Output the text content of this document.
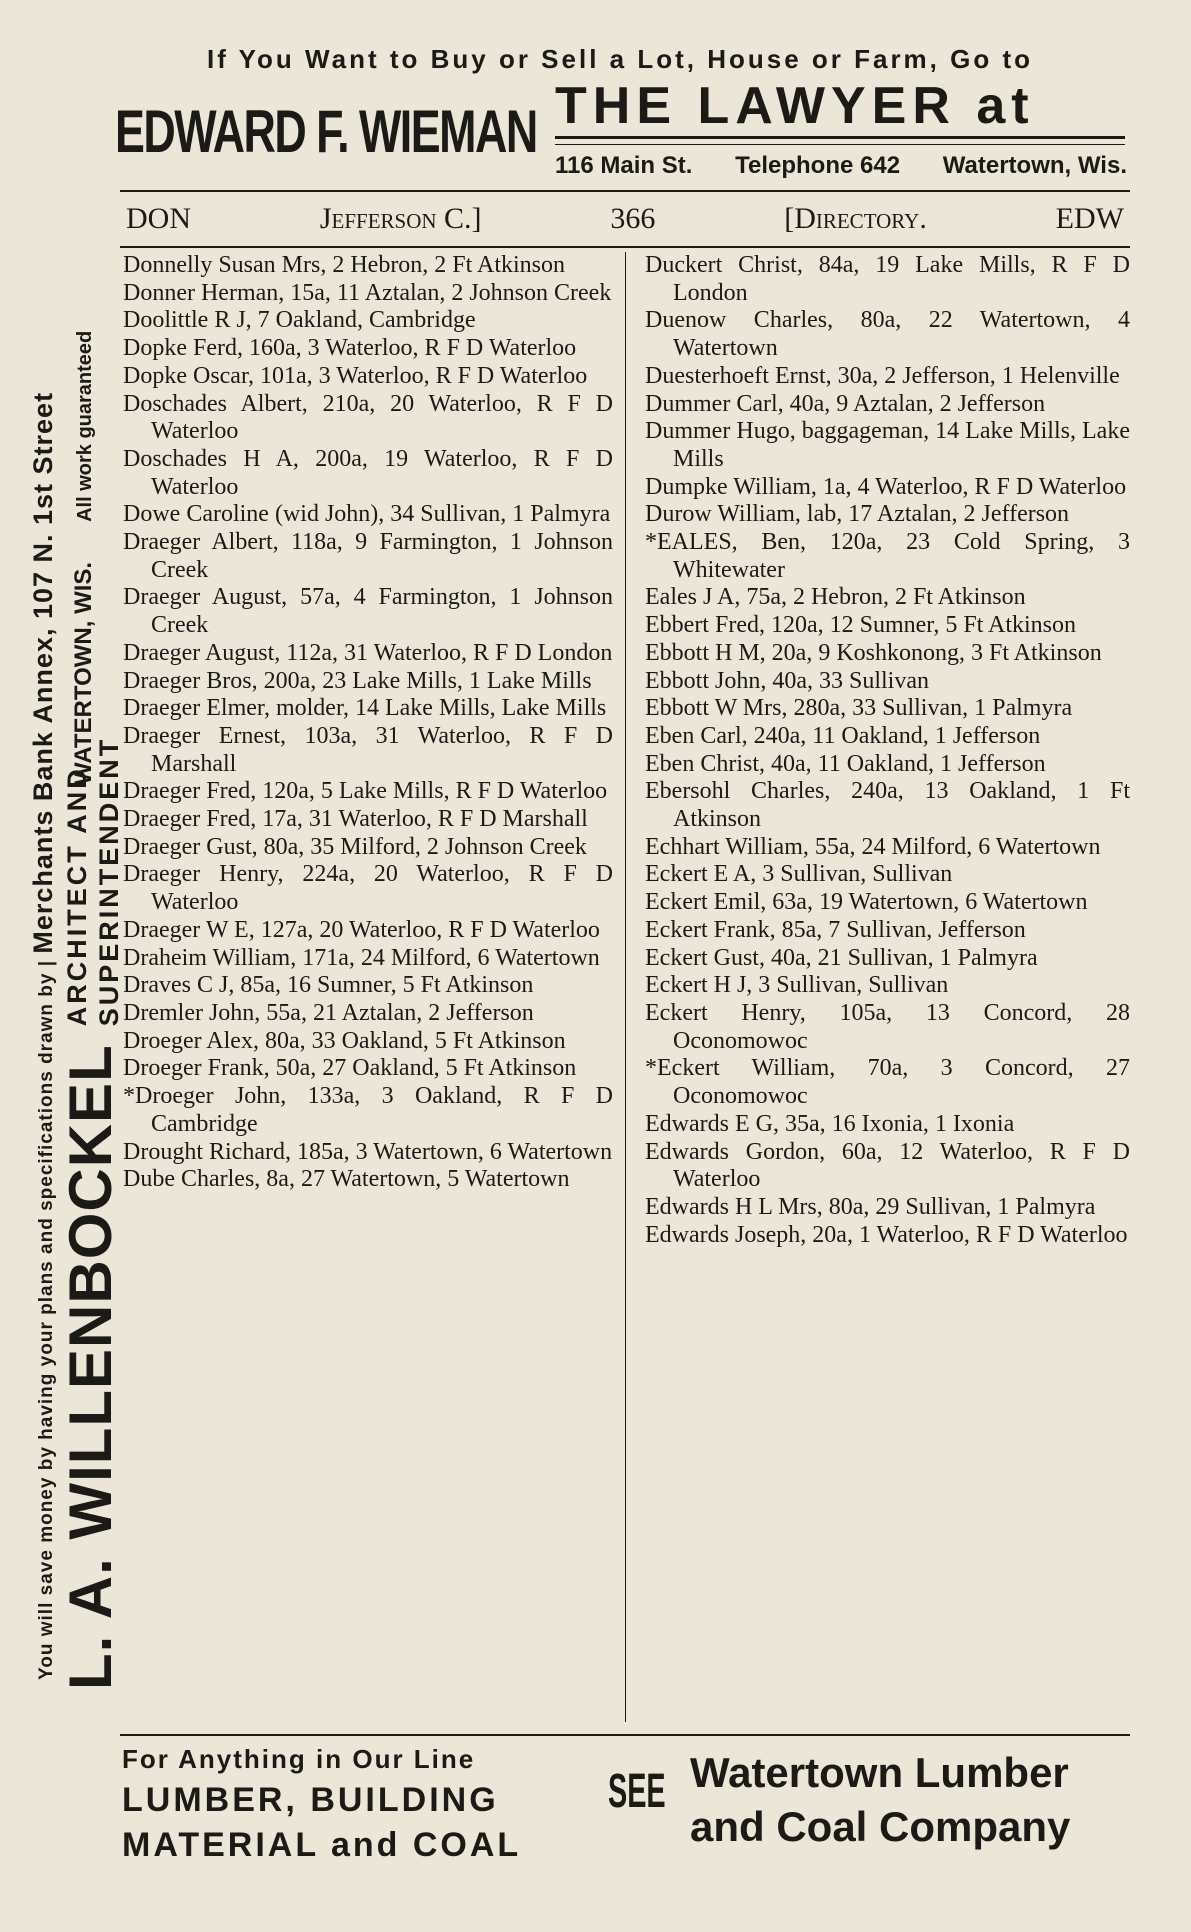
If You Want to Buy or Sell a Lot, House or Farm, Go to
EDWARD F. WIEMAN THE LAWYER at
116 Main St. Telephone 642 Watertown, Wis.
DON	Jefferson C.]	366	[Directory.	EDW
You will save money by having your plans and specifications drawn by | Merchants Bank Annex, 107 N. 1st Street WATERTOWN, WIS.      All work guaranteed
L. A. WILLENBOCKEL
ARCHITECT AND SUPERINTENDENT

Donnelly Susan Mrs, 2 Hebron, 2 Ft Atkinson

Donner Herman, 15a, 11 Aztalan, 2 Johnson Creek

Doolittle R J, 7 Oakland, Cambridge

Dopke Ferd, 160a, 3 Waterloo, R F D Waterloo

Dopke Oscar, 101a, 3 Waterloo, R F D Waterloo

Doschades Albert, 210a, 20 Waterloo, R F D Waterloo

Doschades H A, 200a, 19 Waterloo, R F D Waterloo

Dowe Caroline (wid John), 34 Sullivan, 1 Palmyra

Draeger Albert, 118a, 9 Farmington, 1 Johnson Creek

Draeger August, 57a, 4 Farmington, 1 Johnson Creek

Draeger August, 112a, 31 Waterloo, R F D London

Draeger Bros, 200a, 23 Lake Mills, 1 Lake Mills

Draeger Elmer, molder, 14 Lake Mills, Lake Mills

Draeger Ernest, 103a, 31 Waterloo, R F D Marshall

Draeger Fred, 120a, 5 Lake Mills, R F D Waterloo

Draeger Fred, 17a, 31 Waterloo, R F D Marshall

Draeger Gust, 80a, 35 Milford, 2 Johnson Creek

Draeger Henry, 224a, 20 Waterloo, R F D Waterloo

Draeger W E, 127a, 20 Waterloo, R F D Waterloo

Draheim William, 171a, 24 Milford, 6 Watertown

Draves C J, 85a, 16 Sumner, 5 Ft Atkinson

Dremler John, 55a, 21 Aztalan, 2 Jefferson

Droeger Alex, 80a, 33 Oakland, 5 Ft Atkinson

Droeger Frank, 50a, 27 Oakland, 5 Ft Atkinson

*Droeger John, 133a, 3 Oakland, R F D Cambridge

Drought Richard, 185a, 3 Watertown, 6 Watertown

Dube Charles, 8a, 27 Watertown, 5 Watertown

Duckert Christ, 84a, 19 Lake Mills, R F D London

Duenow Charles, 80a, 22 Watertown, 4 Watertown

Duesterhoeft Ernst, 30a, 2 Jefferson, 1 Helenville

Dummer Carl, 40a, 9 Aztalan, 2 Jefferson

Dummer Hugo, baggageman, 14 Lake Mills, Lake Mills

Dumpke William, 1a, 4 Waterloo, R F D Waterloo

Durow William, lab, 17 Aztalan, 2 Jefferson

*EALES, Ben, 120a, 23 Cold Spring, 3 Whitewater

Eales J A, 75a, 2 Hebron, 2 Ft Atkinson

Ebbert Fred, 120a, 12 Sumner, 5 Ft Atkinson

Ebbott H M, 20a, 9 Koshkonong, 3 Ft Atkinson

Ebbott John, 40a, 33 Sullivan

Ebbott W Mrs, 280a, 33 Sullivan, 1 Palmyra

Eben Carl, 240a, 11 Oakland, 1 Jefferson

Eben Christ, 40a, 11 Oakland, 1 Jefferson

Ebersohl Charles, 240a, 13 Oakland, 1 Ft Atkinson

Echhart William, 55a, 24 Milford, 6 Watertown

Eckert E A, 3 Sullivan, Sullivan

Eckert Emil, 63a, 19 Watertown, 6 Watertown

Eckert Frank, 85a, 7 Sullivan, Jefferson

Eckert Gust, 40a, 21 Sullivan, 1 Palmyra

Eckert H J, 3 Sullivan, Sullivan

Eckert Henry, 105a, 13 Concord, 28 Oconomowoc

*Eckert William, 70a, 3 Concord, 27 Oconomowoc

Edwards E G, 35a, 16 Ixonia, 1 Ixonia

Edwards Gordon, 60a, 12 Waterloo, R F D Waterloo

Edwards H L Mrs, 80a, 29 Sullivan, 1 Palmyra

Edwards Joseph, 20a, 1 Waterloo, R F D Waterloo

For Anything in Our Line
LUMBER, BUILDING
MATERIAL and COAL
SEE Watertown Lumber
and Coal Company
